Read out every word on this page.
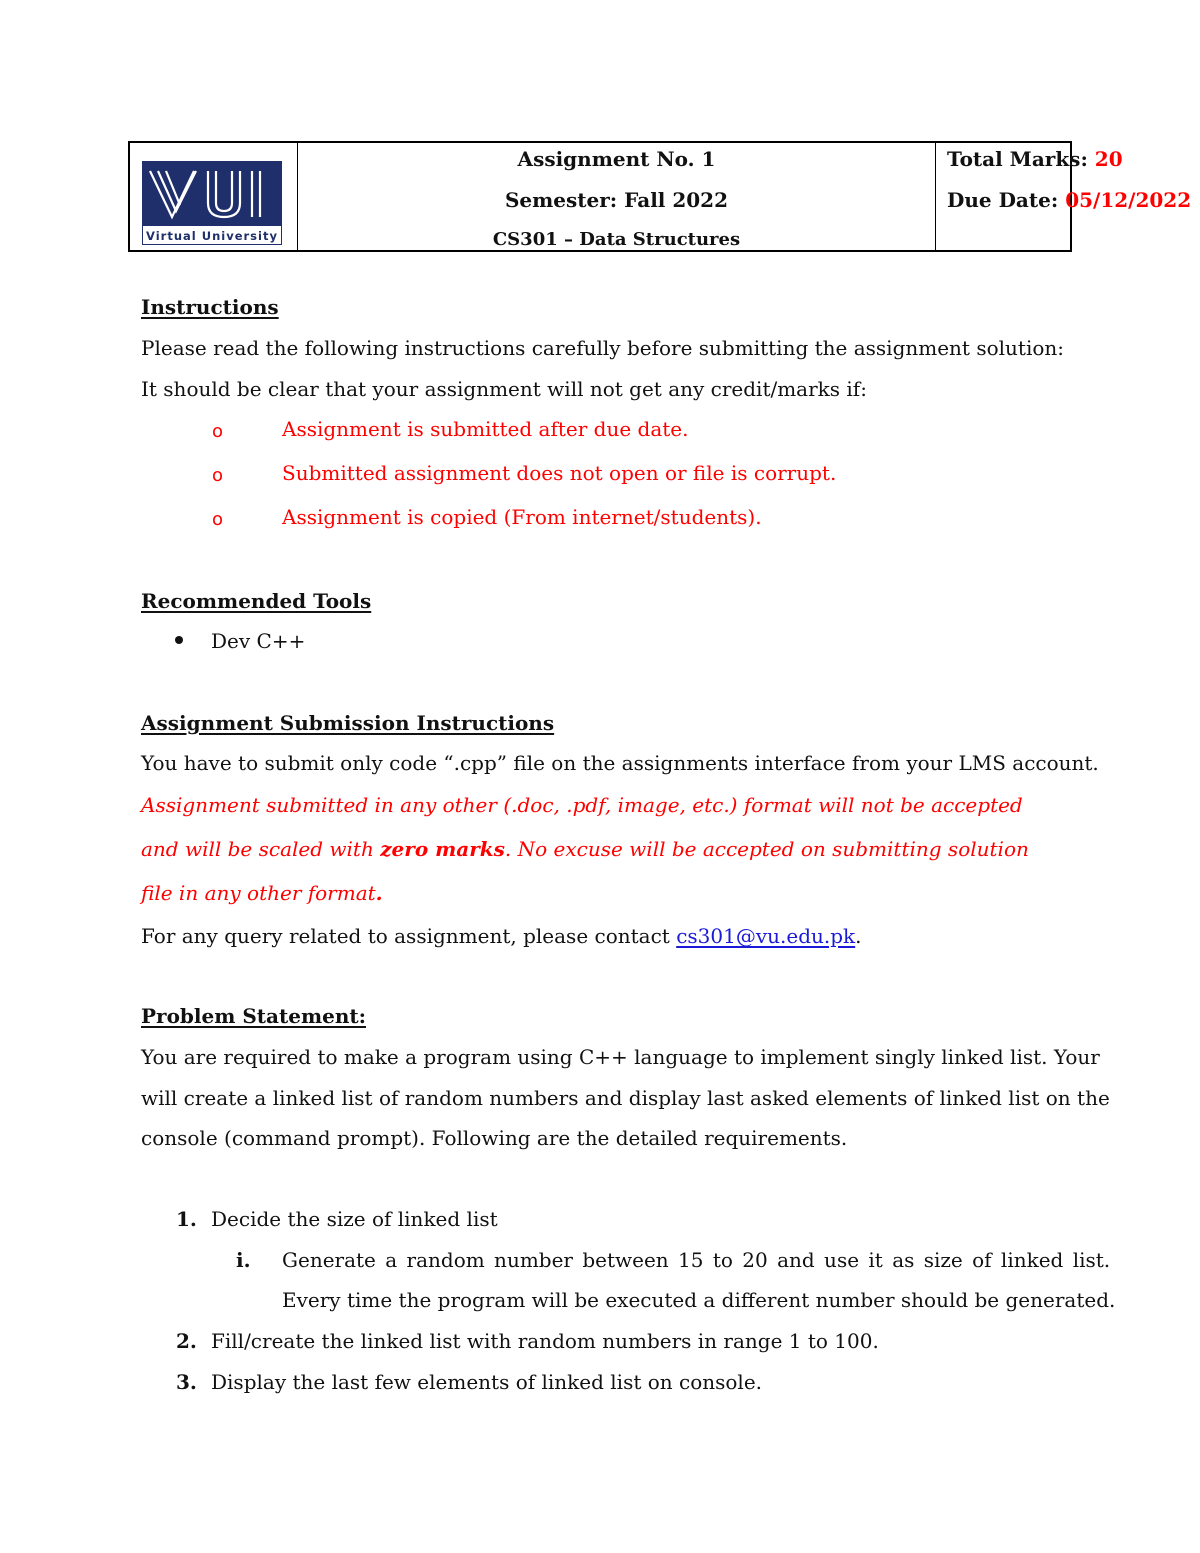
Virtual University
Assignment No. 1
Semester: Fall 2022
CS301 – Data Structures
Total Marks: 20
Due Date: 05/12/2022
Instructions
Please read the following instructions carefully before submitting the assignment solution:
It should be clear that your assignment will not get any credit/marks if:
o	Assignment is submitted after due date.
o	Submitted assignment does not open or file is corrupt.
o	Assignment is copied (From internet/students).
Recommended Tools
Dev C++
Assignment Submission Instructions
You have to submit only code “.cpp” file on the assignments interface from your LMS account.
Assignment submitted in any other (.doc, .pdf, image, etc.) format will not be accepted
and will be scaled with zero marks. No excuse will be accepted on submitting solution
file in any other format.
For any query related to assignment, please contact cs301@vu.edu.pk.
Problem Statement:
You are required to make a program using C++ language to implement singly linked list. Your
will create a linked list of random numbers and display last asked elements of linked list on the
console (command prompt). Following are the detailed requirements.
1. Decide the size of linked list
i. Generate a random number between 15 to 20 and use it as size of linked list.
Every time the program will be executed a different number should be generated.
2. Fill/create the linked list with random numbers in range 1 to 100.
3. Display the last few elements of linked list on console.
